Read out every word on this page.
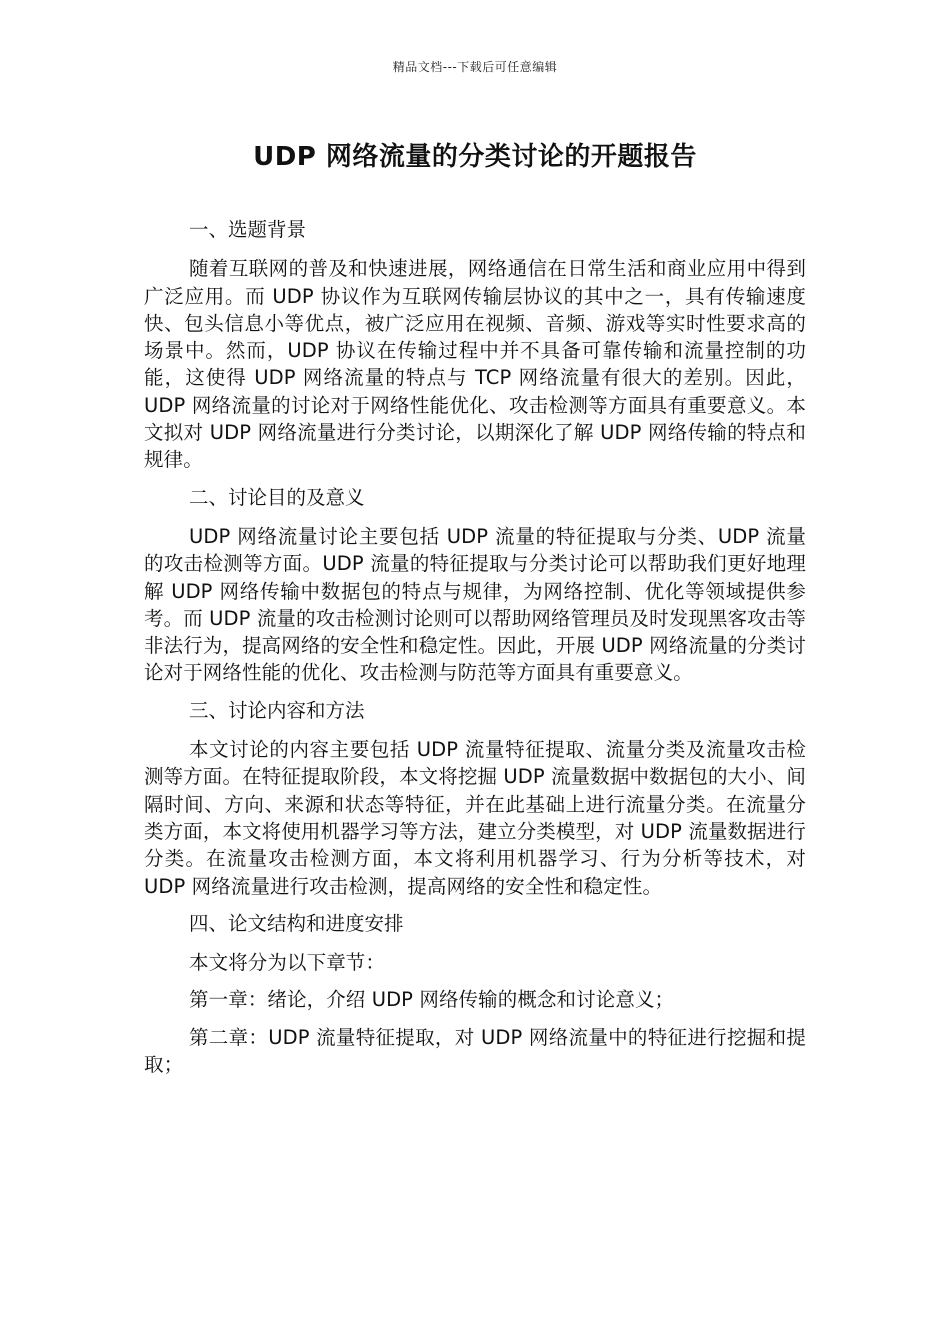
精品文档---下载后可任意编辑
UDP 网络流量的分类讨论的开题报告
一、选题背景

随着互联网的普及和快速进展，网络通信在日常生活和商业应用中得到广泛应用。而 UDP 协议作为互联网传输层协议的其中之一，具有传输速度快、包头信息小等优点，被广泛应用在视频、音频、游戏等实时性要求高的场景中。然而，UDP 协议在传输过程中并不具备可靠传输和流量控制的功能，这使得 UDP 网络流量的特点与 TCP 网络流量有很大的差别。因此，UDP 网络流量的讨论对于网络性能优化、攻击检测等方面具有重要意义。本文拟对 UDP 网络流量进行分类讨论，以期深化了解 UDP 网络传输的特点和规律。

二、讨论目的及意义

UDP 网络流量讨论主要包括 UDP 流量的特征提取与分类、UDP 流量的攻击检测等方面。UDP 流量的特征提取与分类讨论可以帮助我们更好地理解 UDP 网络传输中数据包的特点与规律，为网络控制、优化等领域提供参考。而 UDP 流量的攻击检测讨论则可以帮助网络管理员及时发现黑客攻击等非法行为，提高网络的安全性和稳定性。因此，开展 UDP 网络流量的分类讨论对于网络性能的优化、攻击检测与防范等方面具有重要意义。

三、讨论内容和方法

本文讨论的内容主要包括 UDP 流量特征提取、流量分类及流量攻击检测等方面。在特征提取阶段，本文将挖掘 UDP 流量数据中数据包的大小、间隔时间、方向、来源和状态等特征，并在此基础上进行流量分类。在流量分类方面，本文将使用机器学习等方法，建立分类模型，对 UDP 流量数据进行分类。在流量攻击检测方面，本文将利用机器学习、行为分析等技术，对 UDP 网络流量进行攻击检测，提高网络的安全性和稳定性。

四、论文结构和进度安排

本文将分为以下章节：

第一章：绪论，介绍 UDP 网络传输的概念和讨论意义；

第二章：UDP 流量特征提取，对 UDP 网络流量中的特征进行挖掘和提取；
